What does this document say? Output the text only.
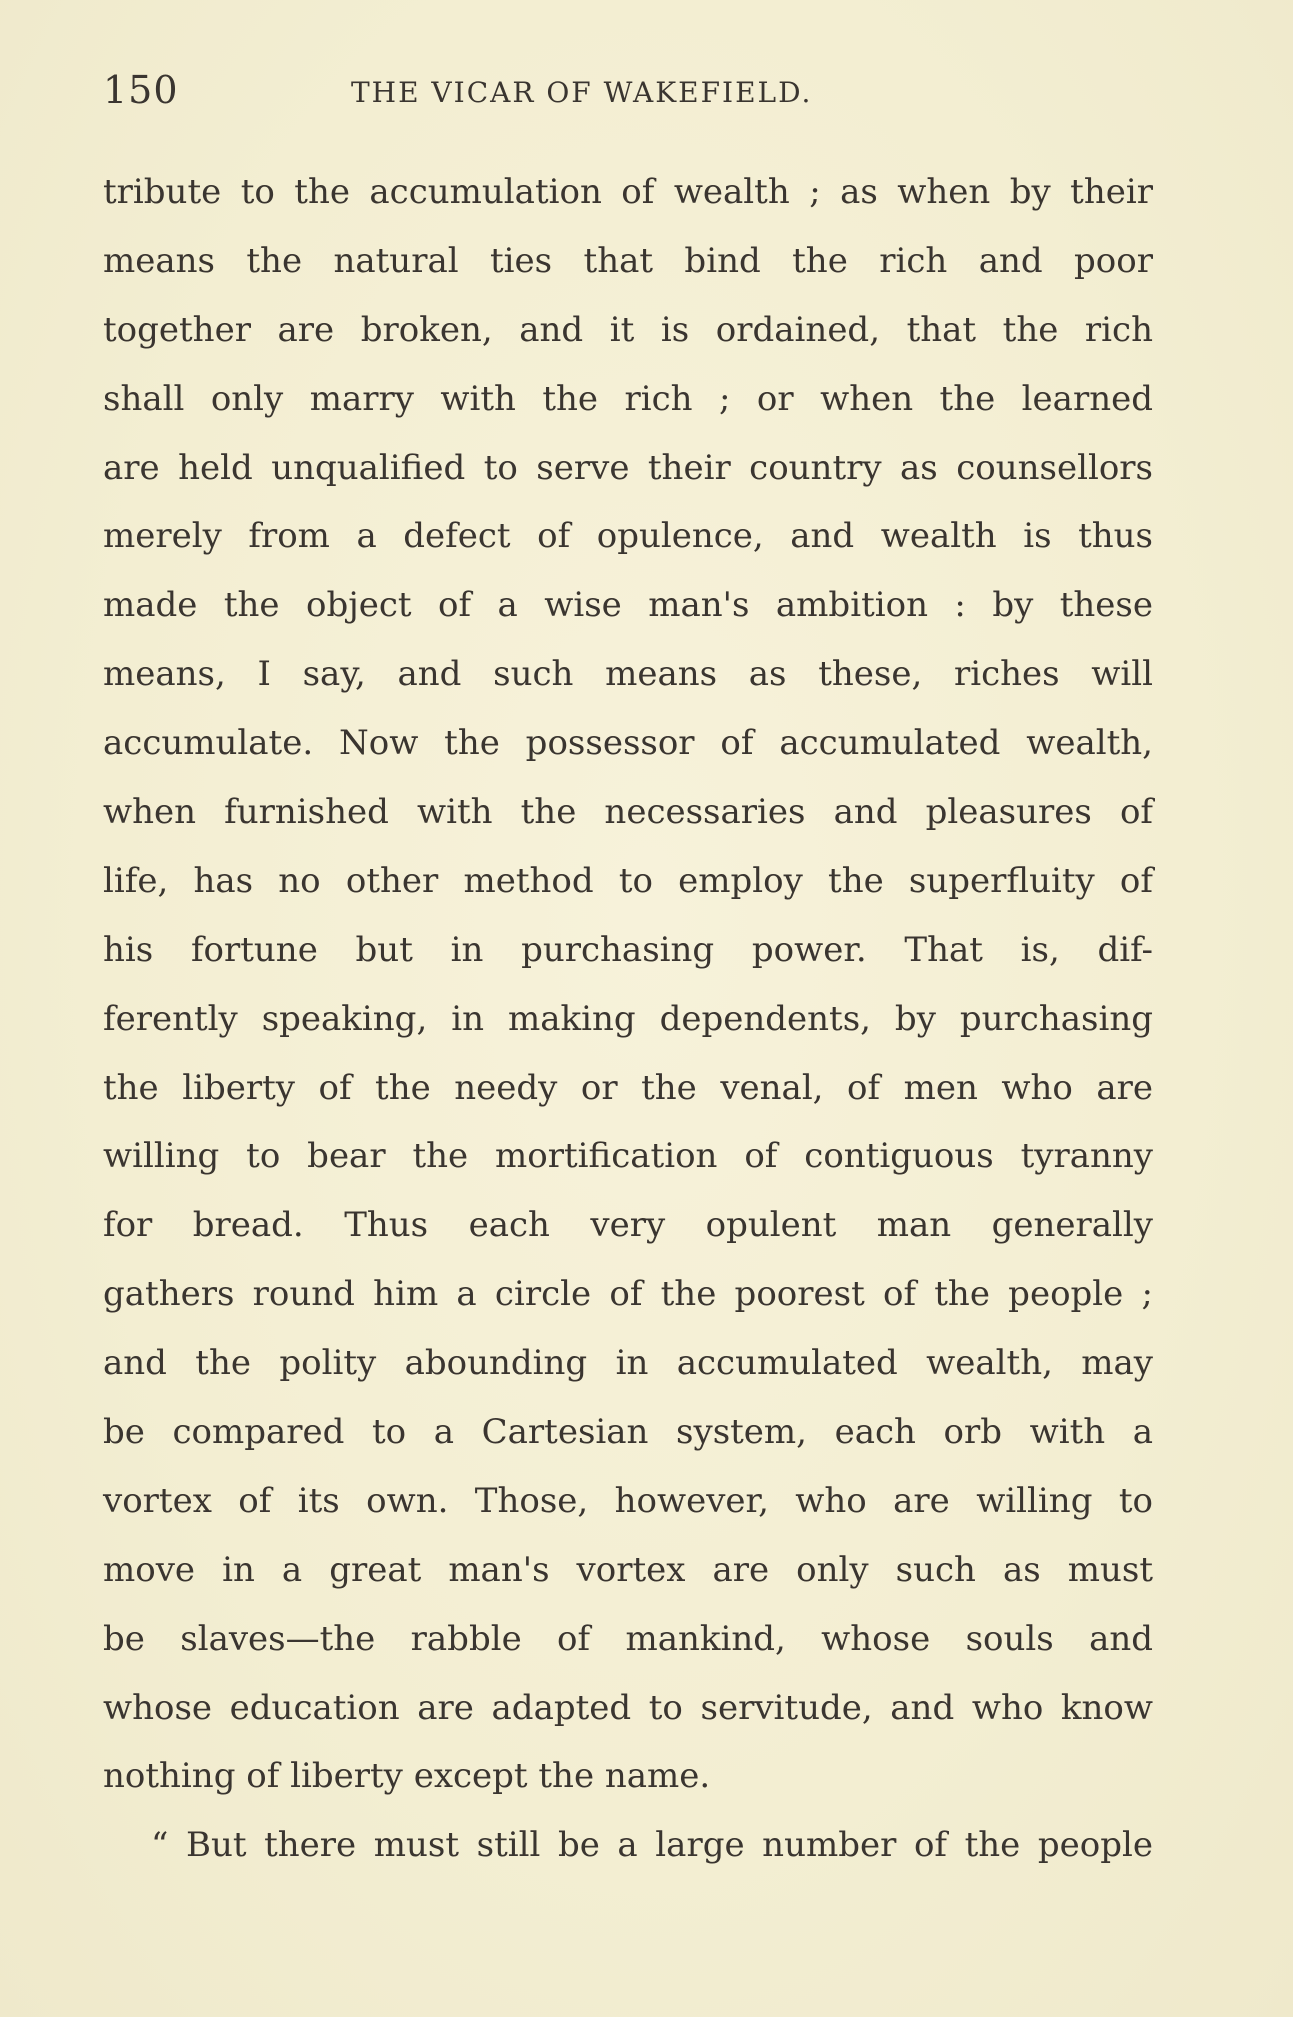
150	THE VICAR OF WAKEFIELD.
tribute to the accumulation of wealth ; as when by their
means the natural ties that bind the rich and poor
together are broken, and it is ordained, that the rich
shall only marry with the rich ; or when the learned
are held unqualified to serve their country as counsellors
merely from a defect of opulence, and wealth is thus
made the object of a wise man's ambition : by these
means, I say, and such means as these, riches will
accumulate. Now the possessor of accumulated wealth,
when furnished with the necessaries and pleasures of
life, has no other method to employ the superfluity of
his fortune but in purchasing power. That is, dif-
ferently speaking, in making dependents, by purchasing
the liberty of the needy or the venal, of men who are
willing to bear the mortification of contiguous tyranny
for bread. Thus each very opulent man generally
gathers round him a circle of the poorest of the people ;
and the polity abounding in accumulated wealth, may
be compared to a Cartesian system, each orb with a
vortex of its own. Those, however, who are willing to
move in a great man's vortex are only such as must
be slaves—the rabble of mankind, whose souls and
whose education are adapted to servitude, and who know
nothing of liberty except the name.
“ But there must still be a large number of the people
